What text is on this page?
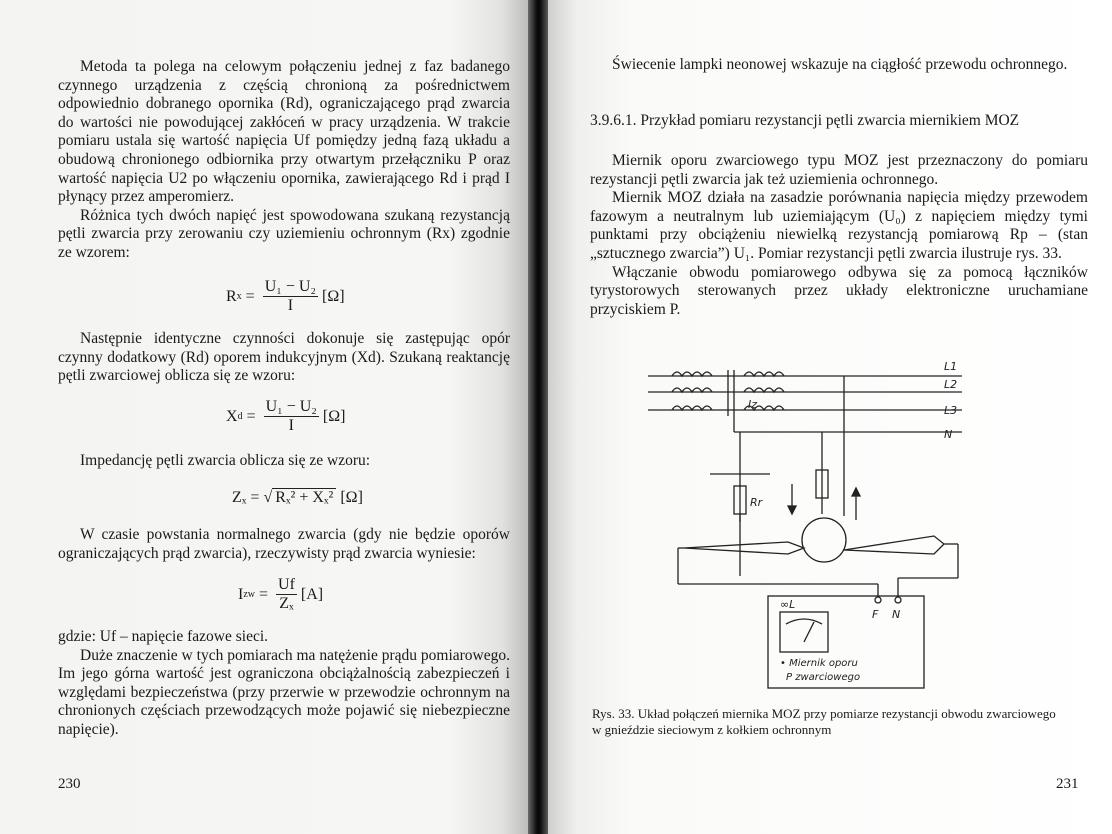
Metoda ta polega na celowym połączeniu jednej z faz badanego czynnego urządzenia z częścią chronioną za pośrednictwem odpowiednio dobranego opornika (Rd), ograniczającego prąd zwarcia do wartości nie powodującej zakłóceń w pracy urządzenia. W trakcie pomiaru ustala się wartość napięcia Uf pomiędzy jedną fazą układu a obudową chronionego odbiornika przy otwartym przełączniku P oraz wartość napięcia U2 po włączeniu opornika, zawierającego Rd i prąd I płynący przez amperomierz.

Różnica tych dwóch napięć jest spowodowana szukaną rezystancją pętli zwarcia przy zerowaniu czy uziemieniu ochronnym (Rx) zgodnie ze wzorem:

R $x = \frac{\text{U₁ − U₂}}{I} [\Omega]$

Następnie identyczne czynności dokonuje się zastępując opór czynny dodatkowy (Rd) oporem indukcyjnym (Xd). Szukaną reaktancję pętli zwarciowej oblicza się ze wzoru:

X $d = \frac{\text{U₁ − U₂}}{I} [\Omega]$

Impedancję pętli zwarcia oblicza się ze wzoru:

Zₓ = √ Rₓ² + Xₓ² [Ω]

W czasie powstania normalnego zwarcia (gdy nie będzie oporów ograniczających prąd zwarcia), rzeczywisty prąd zwarcia wyniesie:

I zw = $\frac{Uf}{\text{Zₓ}} [A]$

gdzie: Uf – napięcie fazowe sieci.

Duże znaczenie w tych pomiarach ma natężenie prądu pomiarowego. Im jego górna wartość jest ograniczona obciążalnością zabezpieczeń i względami bezpieczeństwa (przy przerwie w przewodzie ochronnym na chronionych częściach przewodzących może pojawić się niebezpieczne napięcie).

230

Świecenie lampki neonowej wskazuje na ciągłość przewodu ochronnego.

3.9.6.1. Przykład pomiaru rezystancji pętli zwarcia miernikiem MOZ

Miernik oporu zwarciowego typu MOZ jest przeznaczony do pomiaru rezystancji pętli zwarcia jak też uziemienia ochronnego.

Miernik MOZ działa na zasadzie porównania napięcia między przewodem fazowym a neutralnym lub uziemiającym (U₀) z napięciem między tymi punktami przy obciążeniu niewielką rezystancją pomiarową Rp – (stan „sztucznego zwarcia”) U₁. Pomiar rezystancji pętli zwarcia ilustruje rys. 33.

Włączanie obwodu pomiarowego odbywa się za pomocą łączników tyrystorowych sterowanych przez układy elektroniczne uruchamiane przyciskiem P.

L1
L2
L3
N
Iz
Rr
∞L
F N
• Miernik oporu
P zwarciowego
Rys. 33. Układ połączeń miernika MOZ przy pomiarze rezystancji obwodu zwarciowego w gnieździe sieciowym z kołkiem ochronnym
231
